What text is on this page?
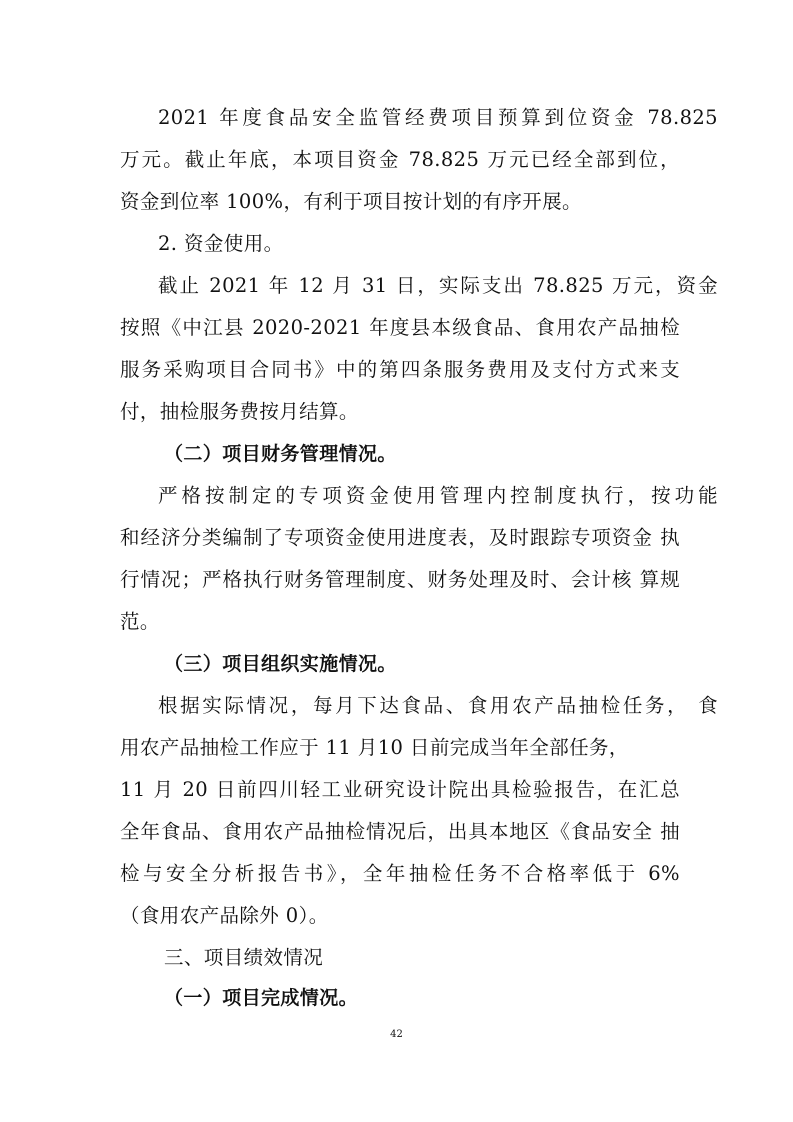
2021 年度食品安全监管经费项目预算到位资金 78.825
万元。截止年底，本项目资金 78.825 万元已经全部到位，
资金到位率 100%，有利于项目按计划的有序开展。
2. 资金使用。
截止 2021 年 12 月 31 日，实际支出 78.825 万元，资金
按照《中江县 2020-2021 年度县本级食品、食用农产品抽检
服务采购项目合同书》中的第四条服务费用及支付方式来支
付，抽检服务费按月结算。
（二）项目财务管理情况。
严格按制定的专项资金使用管理内控制度执行，按功能
和经济分类编制了专项资金使用进度表，及时跟踪专项资金 执
行情况；严格执行财务管理制度、财务处理及时、会计核 算规
范。
（三）项目组织实施情况。
根据实际情况，每月下达食品、食用农产品抽检任务， 食
用农产品抽检工作应于 11 月10 日前完成当年全部任务，
11 月 20 日前四川轻工业研究设计院出具检验报告，在汇总
全年食品、食用农产品抽检情况后，出具本地区《食品安全 抽
检与安全分析报告书》，全年抽检任务不合格率低于 6%
（食用农产品除外 0）。
三、项目绩效情况
（一）项目完成情况。
42
